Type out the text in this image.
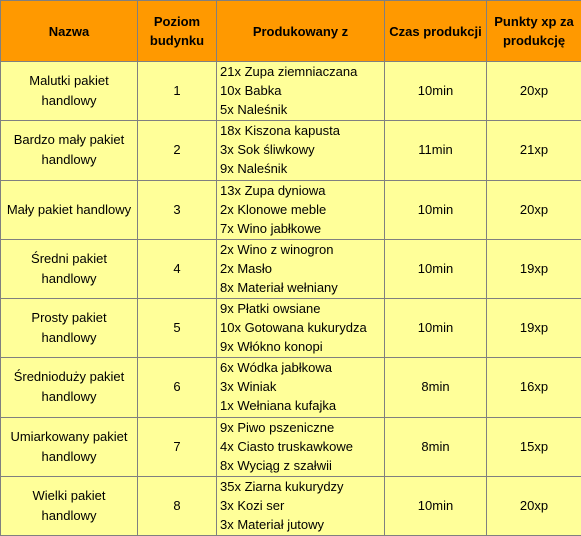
Nazwa	Poziom budynku	Produkowany z	Czas produkcji	Punkty xp za produkcję
Malutki pakiet handlowy	1	21x Zupa ziemniaczana
10x Babka
5x Naleśnik	10min	20xp
Bardzo mały pakiet handlowy	2	18x Kiszona kapusta
3x Sok śliwkowy
9x Naleśnik	11min	21xp
Mały pakiet handlowy	3	13x Zupa dyniowa
2x Klonowe meble
7x Wino jabłkowe	10min	20xp
Średni pakiet handlowy	4	2x Wino z winogron
2x Masło
8x Materiał wełniany	10min	19xp
Prosty pakiet handlowy	5	9x Płatki owsiane
10x Gotowana kukurydza
9x Włókno konopi	10min	19xp
Średnioduży pakiet handlowy	6	6x Wódka jabłkowa
3x Winiak
1x Wełniana kufajka	8min	16xp
Umiarkowany pakiet handlowy	7	9x Piwo pszeniczne
4x Ciasto truskawkowe
8x Wyciąg z szałwii	8min	15xp
Wielki pakiet handlowy	8	35x Ziarna kukurydzy
3x Kozi ser
3x Materiał jutowy	10min	20xp
